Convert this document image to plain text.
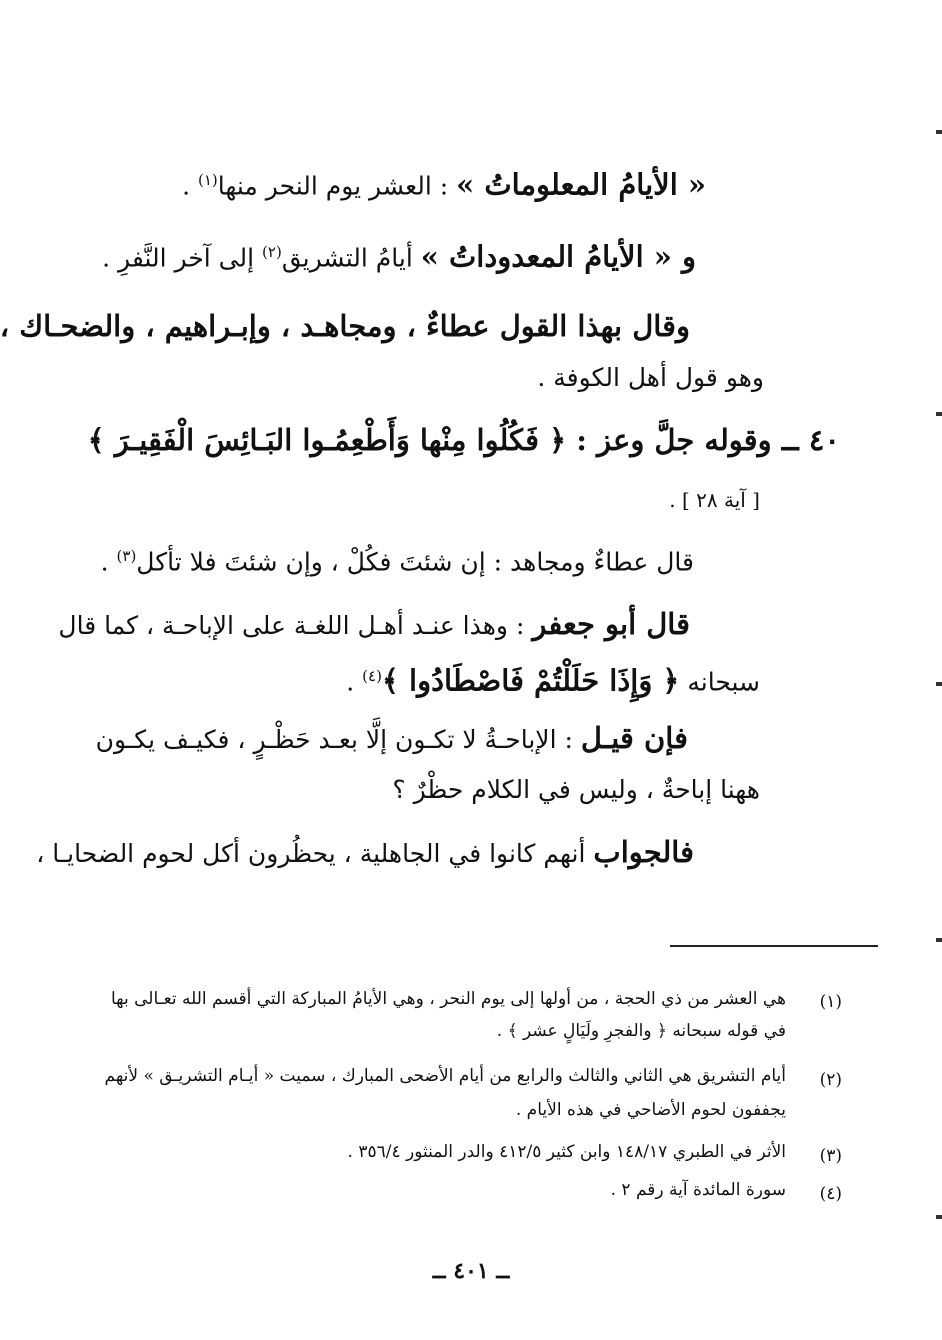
« الأيامُ المعلوماتُ » : العشر يوم النحر منها$^{(١)}$ .
و « الأيامُ المعدوداتُ » أيامُ التشريق$^{(٢)}$ إلى آخر النَّفرِ .
وقال بهذا القول عطاءٌ ، ومجاهـد ، وإبـراهيم ، والضحـاك ،
وهو قول أهل الكوفة .
٤٠ ــ وقوله جلَّ وعز : ﴿ فَكُلُوا مِنْها وَأَطْعِمُـوا البَـائِسَ الْفَقِيـرَ ﴾
[ آية ٢٨ ] .
قال عطاءٌ ومجاهد : إن شئتَ فكُلْ ، وإن شئتَ فلا تأكل$^{(٣)}$ .
قال أبو جعفر : وهذا عنـد أهـل اللغـة على الإباحـة ، كما قال
سبحانه ﴿ وَإِذَا حَلَلْتُمْ فَاصْطَادُوا ﴾$^{(٤)}$ .
فإن قيـل : الإباحـةُ لا تكـون إلَّا بعـد حَظْـرٍ ، فكيـف يكـون
ههنا إباحةٌ ، وليس في الكلام حظْرٌ ؟
فالجواب أنهم كانوا في الجاهلية ، يحظُرون أكل لحوم الضحايـا ،
(١)
هي العشر من ذي الحجة ، من أولها إلى يوم النحر ، وهي الأيامُ المباركة التي أقسم الله تعـالى بها
في قوله سبحانه ﴿ والفجرِ ولَيَالٍ عشر ﴾ .
(٢)
أيام التشريق هي الثاني والثالث والرابع من أيام الأضحى المبارك ، سميت « أيـام التشريـق » لأنهم
يجففون لحوم الأضاحي في هذه الأيام .
(٣)
الأثر في الطبري ١٤٨/١٧ وابن كثير ٤١٢/٥ والدر المنثور ٣٥٦/٤ .
(٤)
سورة المائدة آية رقم ٢ .
ــ ٤٠١ ــ
